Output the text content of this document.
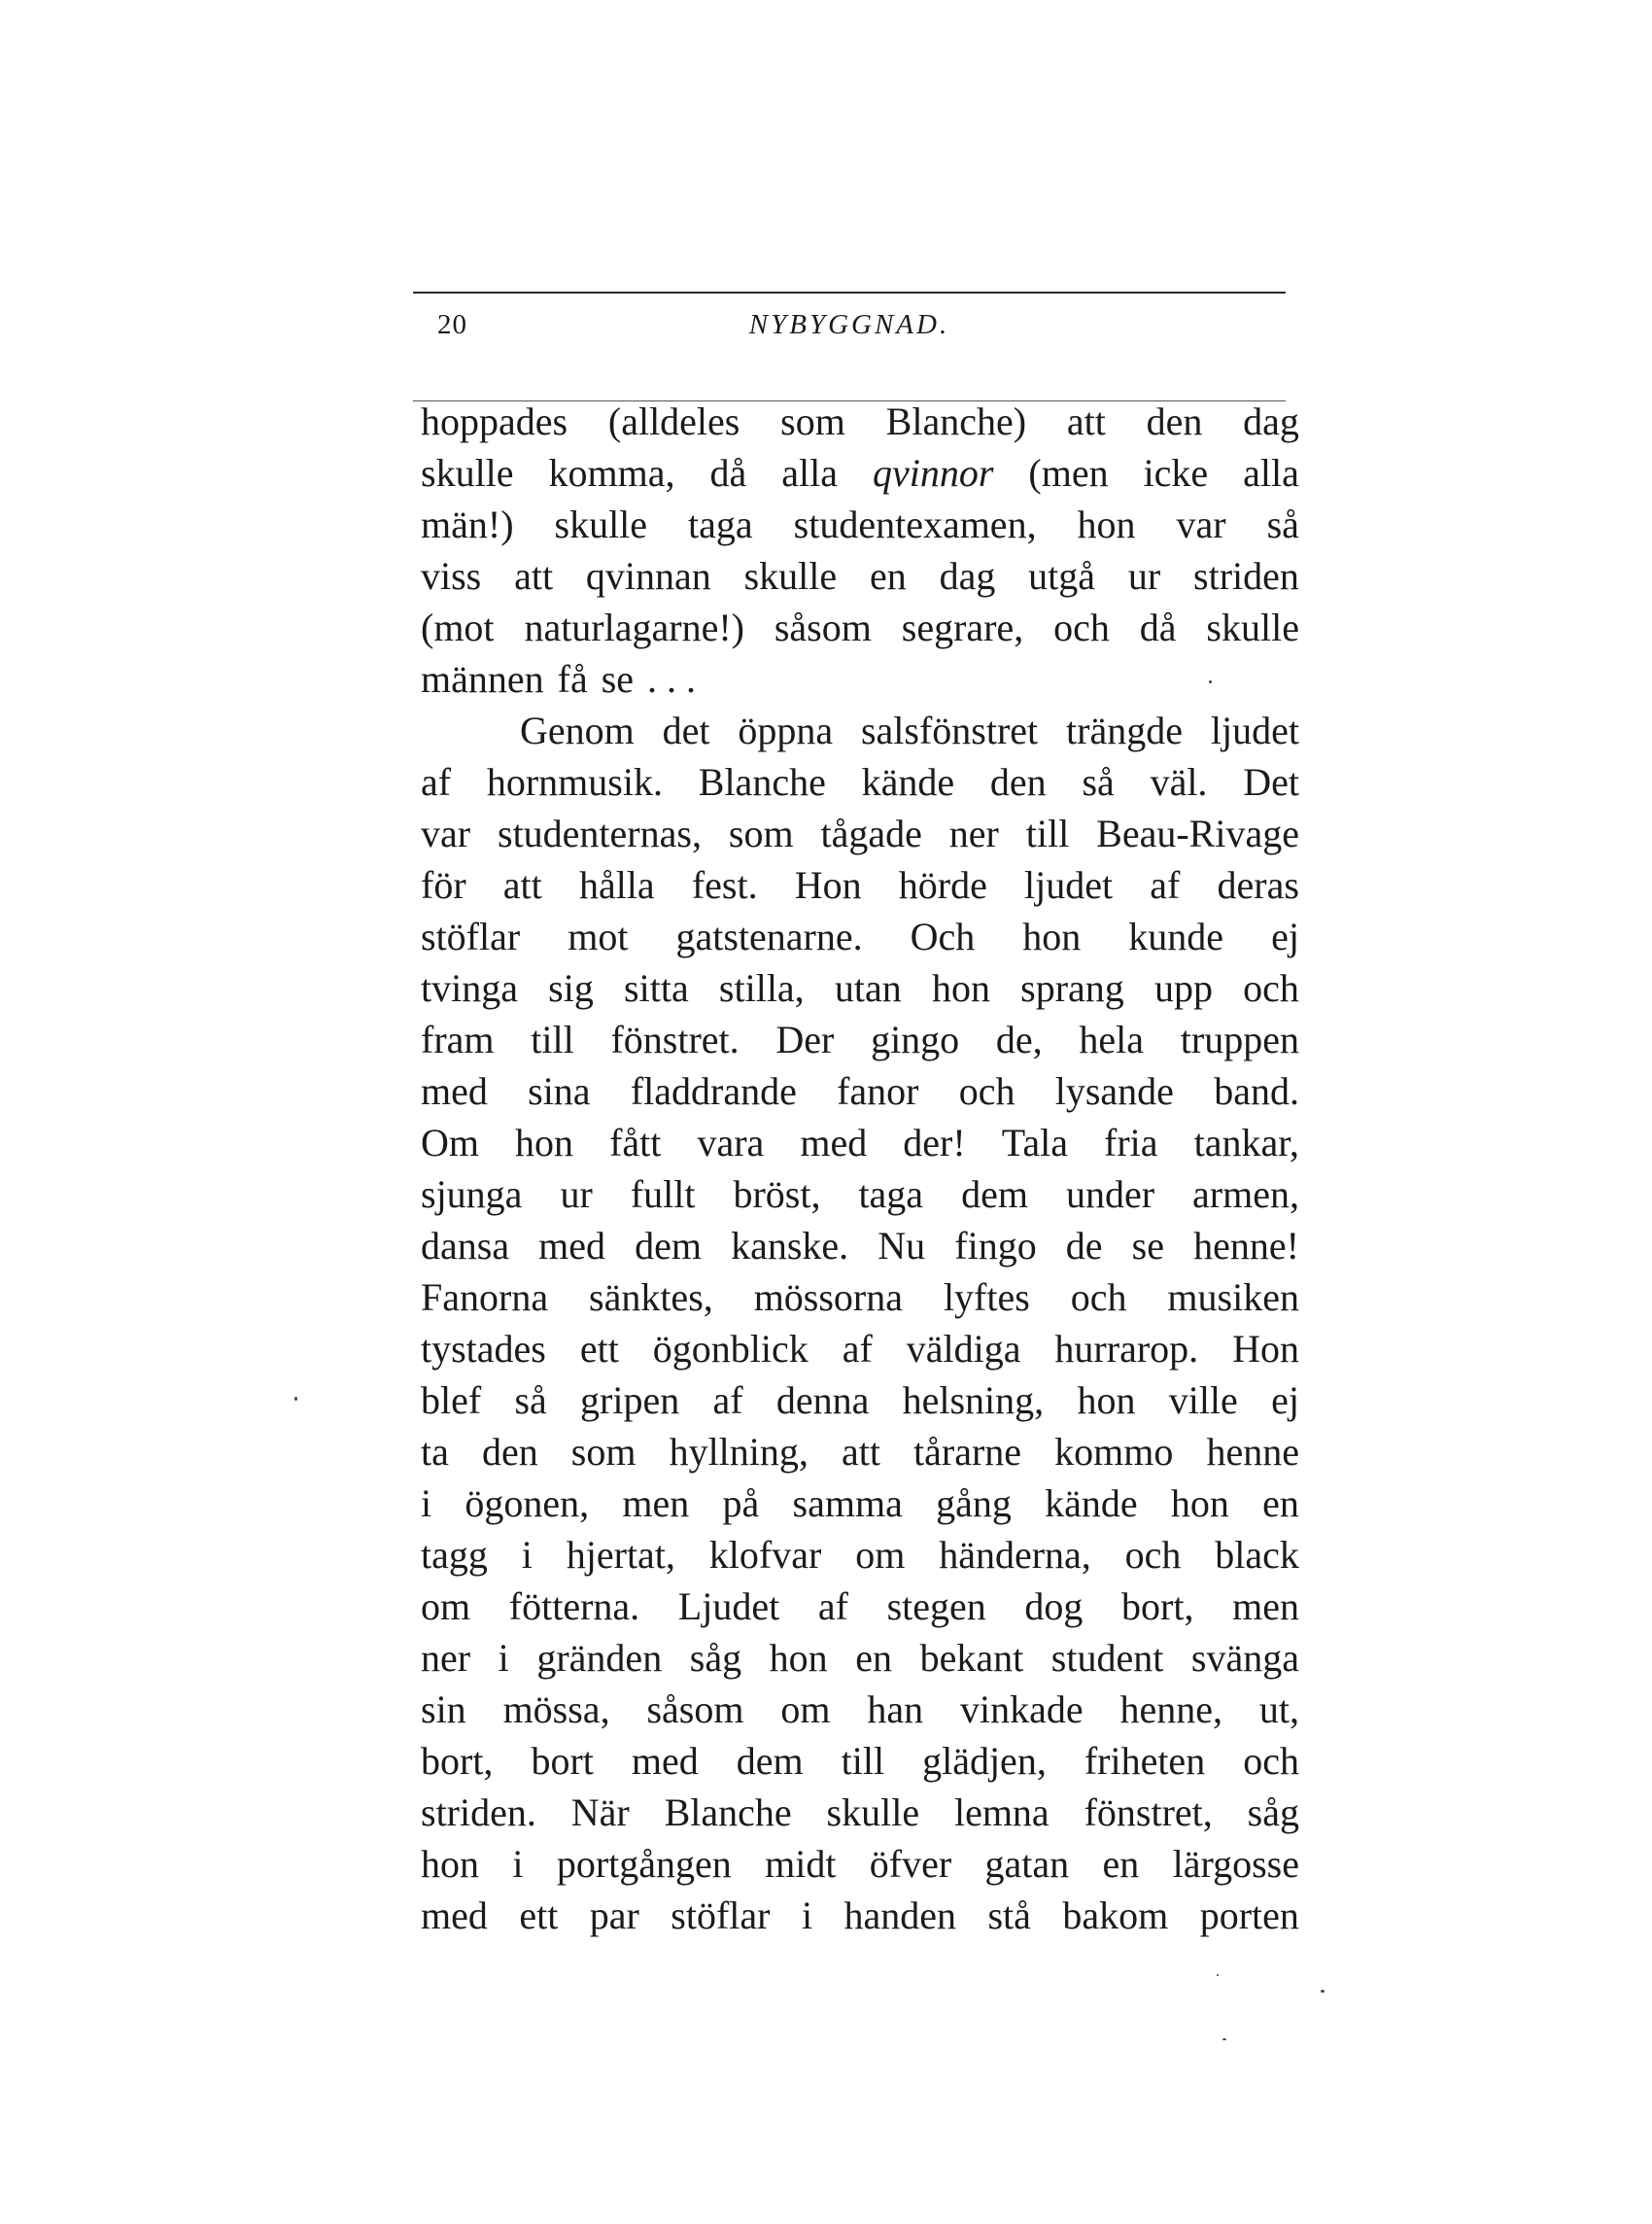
20	NYBYGGNAD.
hoppades (alldeles som Blanche) att den dag
skulle komma, då alla qvinnor (men icke alla
män!) skulle taga studentexamen, hon var så
viss att qvinnan skulle en dag utgå ur striden
(mot naturlagarne!) såsom segrare, och då skulle
männen få se . . .
Genom det öppna salsfönstret trängde ljudet
af hornmusik. Blanche kände den så väl. Det
var studenternas, som tågade ner till Beau-Rivage
för att hålla fest. Hon hörde ljudet af deras
stöflar mot gatstenarne. Och hon kunde ej
tvinga sig sitta stilla, utan hon sprang upp och
fram till fönstret. Der gingo de, hela truppen
med sina fladdrande fanor och lysande band.
Om hon fått vara med der! Tala fria tankar,
sjunga ur fullt bröst, taga dem under armen,
dansa med dem kanske. Nu fingo de se henne!
Fanorna sänktes, mössorna lyftes och musiken
tystades ett ögonblick af väldiga hurrarop. Hon
blef så gripen af denna helsning, hon ville ej
ta den som hyllning, att tårarne kommo henne
i ögonen, men på samma gång kände hon en
tagg i hjertat, klofvar om händerna, och black
om fötterna. Ljudet af stegen dog bort, men
ner i gränden såg hon en bekant student svänga
sin mössa, såsom om han vinkade henne, ut,
bort, bort med dem till glädjen, friheten och
striden. När Blanche skulle lemna fönstret, såg
hon i portgången midt öfver gatan en lärgosse
med ett par stöflar i handen stå bakom porten
